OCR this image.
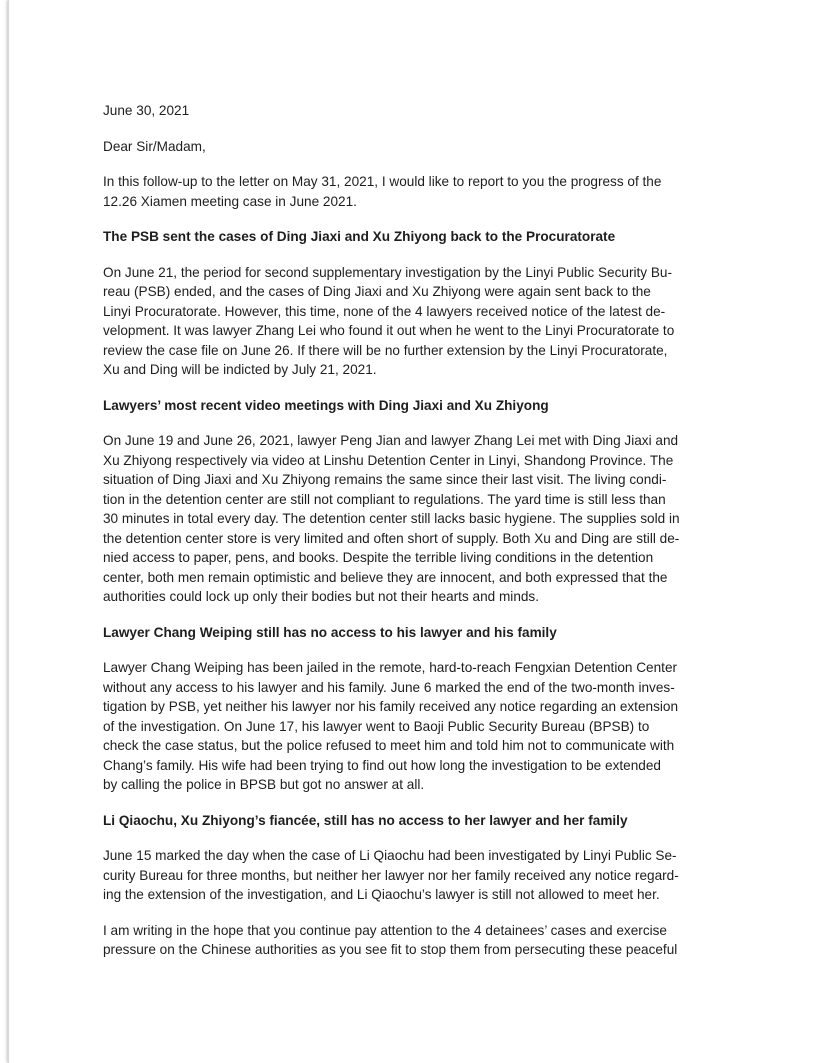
June 30, 2021
Dear Sir/Madam,
In this follow-up to the letter on May 31, 2021, I would like to report to you the progress of the
12.26 Xiamen meeting case in June 2021.
The PSB sent the cases of Ding Jiaxi and Xu Zhiyong back to the Procuratorate
On June 21, the period for second supplementary investigation by the Linyi Public Security Bu-
reau (PSB) ended, and the cases of Ding Jiaxi and Xu Zhiyong were again sent back to the
Linyi Procuratorate. However, this time, none of the 4 lawyers received notice of the latest de-
velopment. It was lawyer Zhang Lei who found it out when he went to the Linyi Procuratorate to
review the case file on June 26. If there will be no further extension by the Linyi Procuratorate,
Xu and Ding will be indicted by July 21, 2021.
Lawyers’ most recent video meetings with Ding Jiaxi and Xu Zhiyong
On June 19 and June 26, 2021, lawyer Peng Jian and lawyer Zhang Lei met with Ding Jiaxi and
Xu Zhiyong respectively via video at Linshu Detention Center in Linyi, Shandong Province. The
situation of Ding Jiaxi and Xu Zhiyong remains the same since their last visit. The living condi-
tion in the detention center are still not compliant to regulations. The yard time is still less than
30 minutes in total every day. The detention center still lacks basic hygiene. The supplies sold in
the detention center store is very limited and often short of supply. Both Xu and Ding are still de-
nied access to paper, pens, and books. Despite the terrible living conditions in the detention
center, both men remain optimistic and believe they are innocent, and both expressed that the
authorities could lock up only their bodies but not their hearts and minds.
Lawyer Chang Weiping still has no access to his lawyer and his family
Lawyer Chang Weiping has been jailed in the remote, hard-to-reach Fengxian Detention Center
without any access to his lawyer and his family. June 6 marked the end of the two-month inves-
tigation by PSB, yet neither his lawyer nor his family received any notice regarding an extension
of the investigation. On June 17, his lawyer went to Baoji Public Security Bureau (BPSB) to
check the case status, but the police refused to meet him and told him not to communicate with
Chang’s family. His wife had been trying to find out how long the investigation to be extended
by calling the police in BPSB but got no answer at all.
Li Qiaochu, Xu Zhiyong’s fiancée, still has no access to her lawyer and her family
June 15 marked the day when the case of Li Qiaochu had been investigated by Linyi Public Se-
curity Bureau for three months, but neither her lawyer nor her family received any notice regard-
ing the extension of the investigation, and Li Qiaochu’s lawyer is still not allowed to meet her.
I am writing in the hope that you continue pay attention to the 4 detainees’ cases and exercise
pressure on the Chinese authorities as you see fit to stop them from persecuting these peaceful
